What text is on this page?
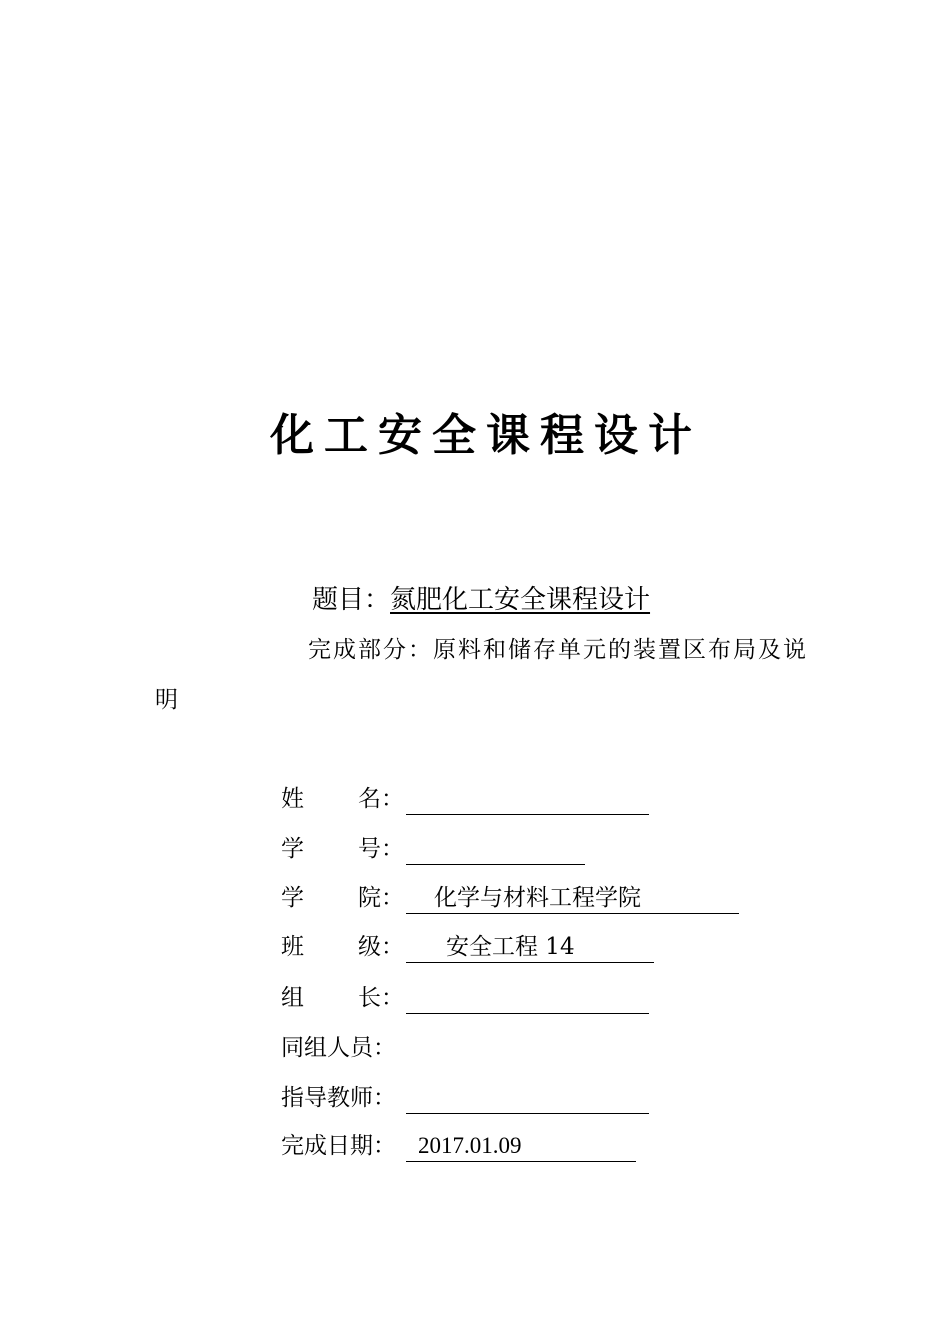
化工安全课程设计
题目：氮肥化工安全课程设计
完成部分：原料和储存单元的装置区布局及说
明
姓 名：
学 号：
学 院： 化学与材料工程学院
班 级： 安全工程 14
组 长：
同组人员：
指导教师：
完成日期： 2017.01.09
